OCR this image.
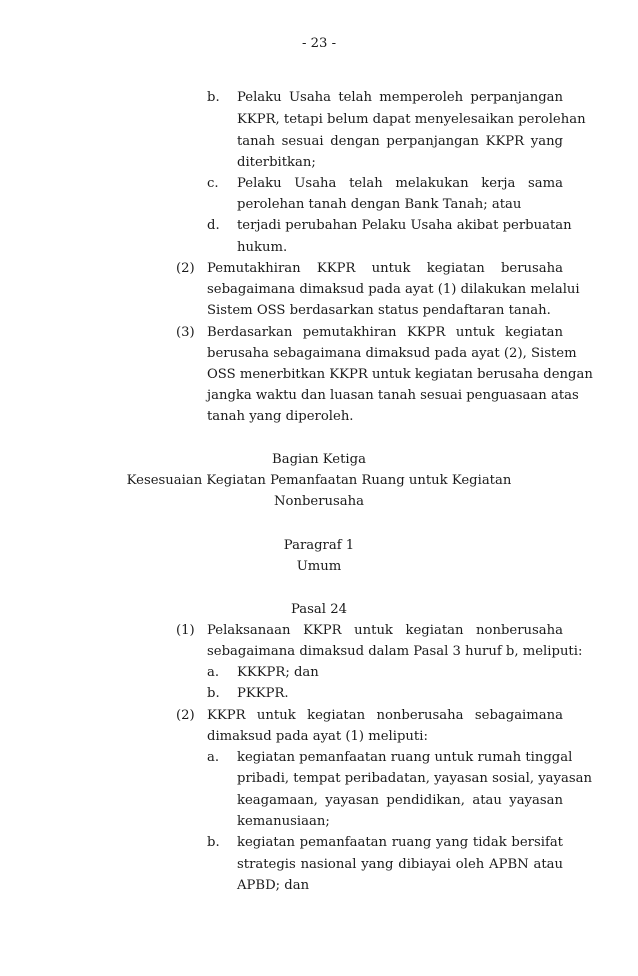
- 23 -
b. Pelaku Usaha telah memperoleh perpanjangan
KKPR, tetapi belum dapat menyelesaikan perolehan
tanah sesuai dengan perpanjangan KKPR yang
diterbitkan;
c. Pelaku Usaha telah melakukan kerja sama
perolehan tanah dengan Bank Tanah; atau
d. terjadi perubahan Pelaku Usaha akibat perbuatan
hukum.
(2) Pemutakhiran KKPR untuk kegiatan berusaha
sebagaimana dimaksud pada ayat (1) dilakukan melalui
Sistem OSS berdasarkan status pendaftaran tanah.
(3) Berdasarkan pemutakhiran KKPR untuk kegiatan
berusaha sebagaimana dimaksud pada ayat (2), Sistem
OSS menerbitkan KKPR untuk kegiatan berusaha dengan
jangka waktu dan luasan tanah sesuai penguasaan atas
tanah yang diperoleh.
Bagian Ketiga
Kesesuaian Kegiatan Pemanfaatan Ruang untuk Kegiatan
Nonberusaha
Paragraf 1
Umum
Pasal 24
(1) Pelaksanaan KKPR untuk kegiatan nonberusaha
sebagaimana dimaksud dalam Pasal 3 huruf b, meliputi:
a. KKKPR; dan
b. PKKPR.
(2) KKPR untuk kegiatan nonberusaha sebagaimana
dimaksud pada ayat (1) meliputi:
a. kegiatan pemanfaatan ruang untuk rumah tinggal
pribadi, tempat peribadatan, yayasan sosial, yayasan
keagamaan, yayasan pendidikan, atau yayasan
kemanusiaan;
b. kegiatan pemanfaatan ruang yang tidak bersifat
strategis nasional yang dibiayai oleh APBN atau
APBD; dan
